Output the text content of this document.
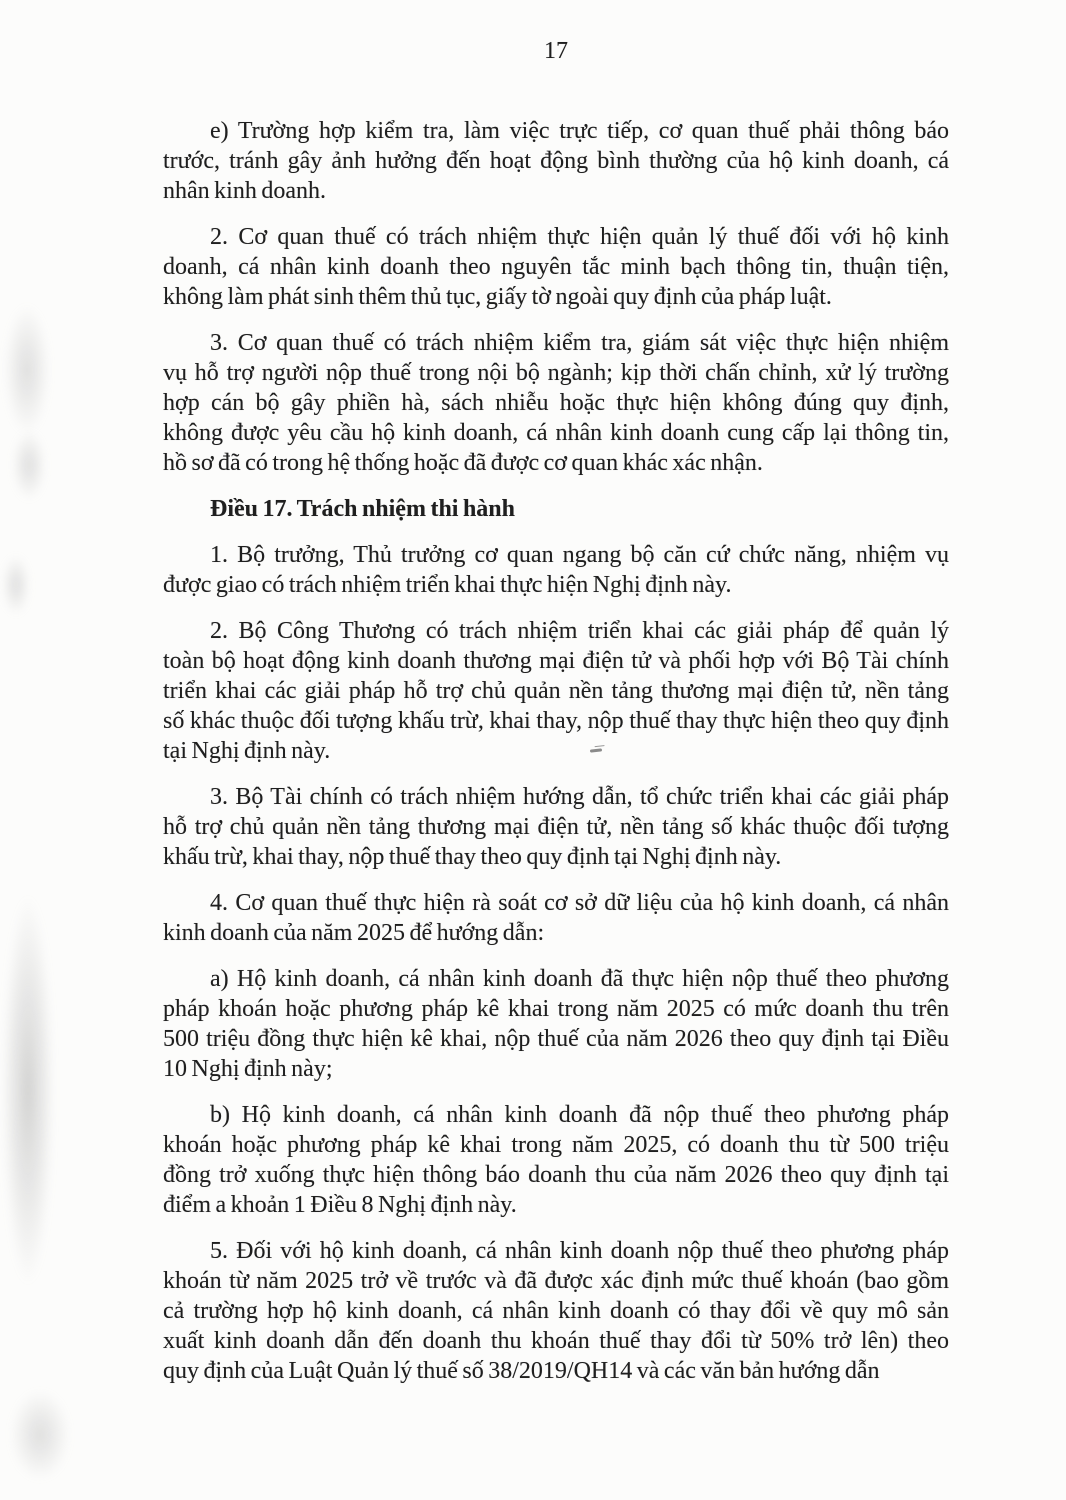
17
e) Trường hợp kiểm tra, làm việc trực tiếp, cơ quan thuế phải thông báo
trước, tránh gây ảnh hưởng đến hoạt động bình thường của hộ kinh doanh, cá
nhân kinh doanh.
2. Cơ quan thuế có trách nhiệm thực hiện quản lý thuế đối với hộ kinh
doanh, cá nhân kinh doanh theo nguyên tắc minh bạch thông tin, thuận tiện,
không làm phát sinh thêm thủ tục, giấy tờ ngoài quy định của pháp luật.
3. Cơ quan thuế có trách nhiệm kiểm tra, giám sát việc thực hiện nhiệm
vụ hỗ trợ người nộp thuế trong nội bộ ngành; kịp thời chấn chỉnh, xử lý trường
hợp cán bộ gây phiền hà, sách nhiễu hoặc thực hiện không đúng quy định,
không được yêu cầu hộ kinh doanh, cá nhân kinh doanh cung cấp lại thông tin,
hồ sơ đã có trong hệ thống hoặc đã được cơ quan khác xác nhận.
Điều 17. Trách nhiệm thi hành
1. Bộ trưởng, Thủ trưởng cơ quan ngang bộ căn cứ chức năng, nhiệm vụ
được giao có trách nhiệm triển khai thực hiện Nghị định này.
2. Bộ Công Thương có trách nhiệm triển khai các giải pháp để quản lý
toàn bộ hoạt động kinh doanh thương mại điện tử và phối hợp với Bộ Tài chính
triển khai các giải pháp hỗ trợ chủ quản nền tảng thương mại điện tử, nền tảng
số khác thuộc đối tượng khấu trừ, khai thay, nộp thuế thay thực hiện theo quy định
tại Nghị định này.
3. Bộ Tài chính có trách nhiệm hướng dẫn, tổ chức triển khai các giải pháp
hỗ trợ chủ quản nền tảng thương mại điện tử, nền tảng số khác thuộc đối tượng
khấu trừ, khai thay, nộp thuế thay theo quy định tại Nghị định này.
4. Cơ quan thuế thực hiện rà soát cơ sở dữ liệu của hộ kinh doanh, cá nhân
kinh doanh của năm 2025 để hướng dẫn:
a) Hộ kinh doanh, cá nhân kinh doanh đã thực hiện nộp thuế theo phương
pháp khoán hoặc phương pháp kê khai trong năm 2025 có mức doanh thu trên
500 triệu đồng thực hiện kê khai, nộp thuế của năm 2026 theo quy định tại Điều
10 Nghị định này;
b) Hộ kinh doanh, cá nhân kinh doanh đã nộp thuế theo phương pháp
khoán hoặc phương pháp kê khai trong năm 2025, có doanh thu từ 500 triệu
đồng trở xuống thực hiện thông báo doanh thu của năm 2026 theo quy định tại
điểm a khoản 1 Điều 8 Nghị định này.
5. Đối với hộ kinh doanh, cá nhân kinh doanh nộp thuế theo phương pháp
khoán từ năm 2025 trở về trước và đã được xác định mức thuế khoán (bao gồm
cả trường hợp hộ kinh doanh, cá nhân kinh doanh có thay đổi về quy mô sản
xuất kinh doanh dẫn đến doanh thu khoán thuế thay đổi từ 50% trở lên) theo
quy định của Luật Quản lý thuế số 38/2019/QH14 và các văn bản hướng dẫn
